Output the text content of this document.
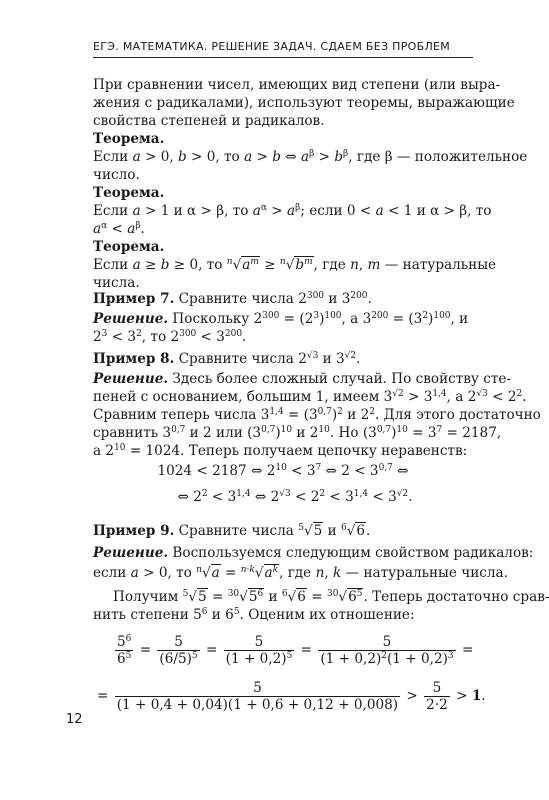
ЕГЭ. МАТЕМАТИКА. РЕШЕНИЕ ЗАДАЧ. СДАЕМ БЕЗ ПРОБЛЕМ
При сравнении чисел, имеющих вид степени (или выра-
жения с радикалами), используют теоремы, выражающие
свойства степеней и радикалов.
Теорема.
Если a > 0, b > 0, то a > b ⇔ $a^\beta > b^\beta$, где β — положительное
число.
Теорема.
Если a > 1 и α > β, то $a^\alpha > a^\beta$; если 0 < a < 1 и α > β, то
$a^\alpha < a^\beta$.
Теорема.
Если a ≥ b ≥ 0, то $^n√a^m \ge ^n√b^m$, где n, m — натуральные
числа.
Пример 7. Сравните числа $2^{300}$ и $3^{200}$.
Решение. Поскольку $2^{300} = (2^3)^{100}$, а $3^{200} = (3^2)^{100}$, и
$2^3 < 3^2$, то $2^{300} < 3^{200}$.
Пример 8. Сравните числа $2^{√3}$ и $3^{√2}$.
Решение. Здесь более сложный случай. По свойству сте-
пеней с основанием, большим 1, имеем $3^{√2} > 3^{1,4}$, а $2^{√3} < 2^2$.
Сравним теперь числа $3^{1,4} = (3^{0,7})^2$ и $2^2$. Для этого достаточно
сравнить 3$^{0,7}$ и 2 или $(3^{0,7})^{10}$ и $2^{10}$. Но $(3^{0,7})^{10} = 3^7 = 2187$,
а $2^{10} = 1024$. Теперь получаем цепочку неравенств:
1024 < 2187 ⇔ $2^{10} < 3^7$ ⇔ $2 < 3^{0,7}$ ⇔
⇔ $2^2 < 3^{1,4}$ ⇔ $2^{√3} < 2^2 < 3^{1,4} < 3^{√2}$.
Пример 9. Сравните числа $^5$√5 и $^6$√6.
Решение. Воспользуемся следующим свойством радикалов:
если a > 0, то $^n√a = ^{n\cdot k}√a^k$, где n, k — натуральные числа.
Получим $^5√5 = ^{30}√5^6$ и $^6√6 = ^{30}√6^5$. Теперь достаточно срав-
нить степени $5^6$ и $6^5$. Оценим их отношение:
$\frac{5^6}{6^5} = \frac{5}{(6/5)^5} = \frac{5}{(1 + 0,2)^5} = \frac{5}{(1 + 0,2)^2(1 + 0,2)^3}$ =
= $\frac{5}{(1 + 0,4 + 0,04)(1 + 0,6 + 0,12 + 0,008)} > \frac{5}{2\cdot 2} > 1$.
12
